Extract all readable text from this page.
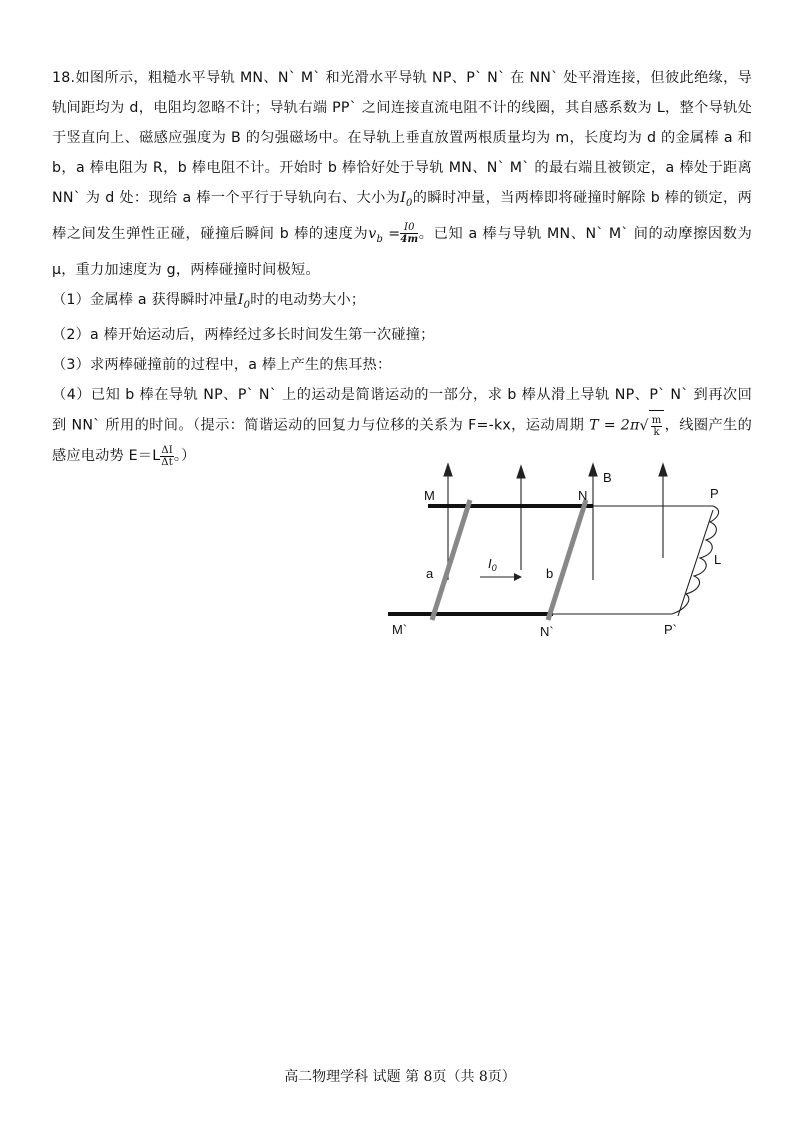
18.如图所示，粗糙水平导轨 MN、N` M` 和光滑水平导轨 NP、P` N` 在 NN` 处平滑连接，但彼此绝缘，导轨间距均为 d，电阻均忽略不计；导轨右端 PP` 之间连接直流电阻不计的线圈，其自感系数为 L，整个导轨处于竖直向上、磁感应强度为 B 的匀强磁场中。在导轨上垂直放置两根质量均为 m，长度均为 d 的金属棒 a 和 b，a 棒电阻为 R，b 棒电阻不计。开始时 b 棒恰好处于导轨 MN、N` M` 的最右端且被锁定，a 棒处于距离 NN` 为 d 处：现给 a 棒一个平行于导轨向右、大小为$I_0$的瞬时冲量，当两棒即将碰撞时解除 b 棒的锁定，两棒之间发生弹性正碰，碰撞后瞬间 b 棒的速度为$v_b = \frac{I0}{4m}$ 。已知 a 棒与导轨 MN、N` M` 间的动摩擦因数为 μ，重力加速度为 g，两棒碰撞时间极短。

（1）金属棒 a 获得瞬时冲量$I_0$时的电动势大小；

（2）a 棒开始运动后，两棒经过多长时间发生第一次碰撞；

（3）求两棒碰撞前的过程中，a 棒上产生的焦耳热：

（4）已知 b 棒在导轨 NP、P` N` 上的运动是简谐运动的一部分，求 b 棒从滑上导轨 NP、P` N` 到再次回到 NN` 所用的时间。（提示：简谐运动的回复力与位移的关系为 F=-kx，运动周期 $T = 2\pi√ \frac{m}{k}$ ，线圈产生的感应电动势 $E=L \frac{\Delta I}{\Delta t}$ 。）

M	N	P
B
L
a	b
$I_0$
M`	N`	P`
高二物理学科 试题 第 8页（共 8页）
